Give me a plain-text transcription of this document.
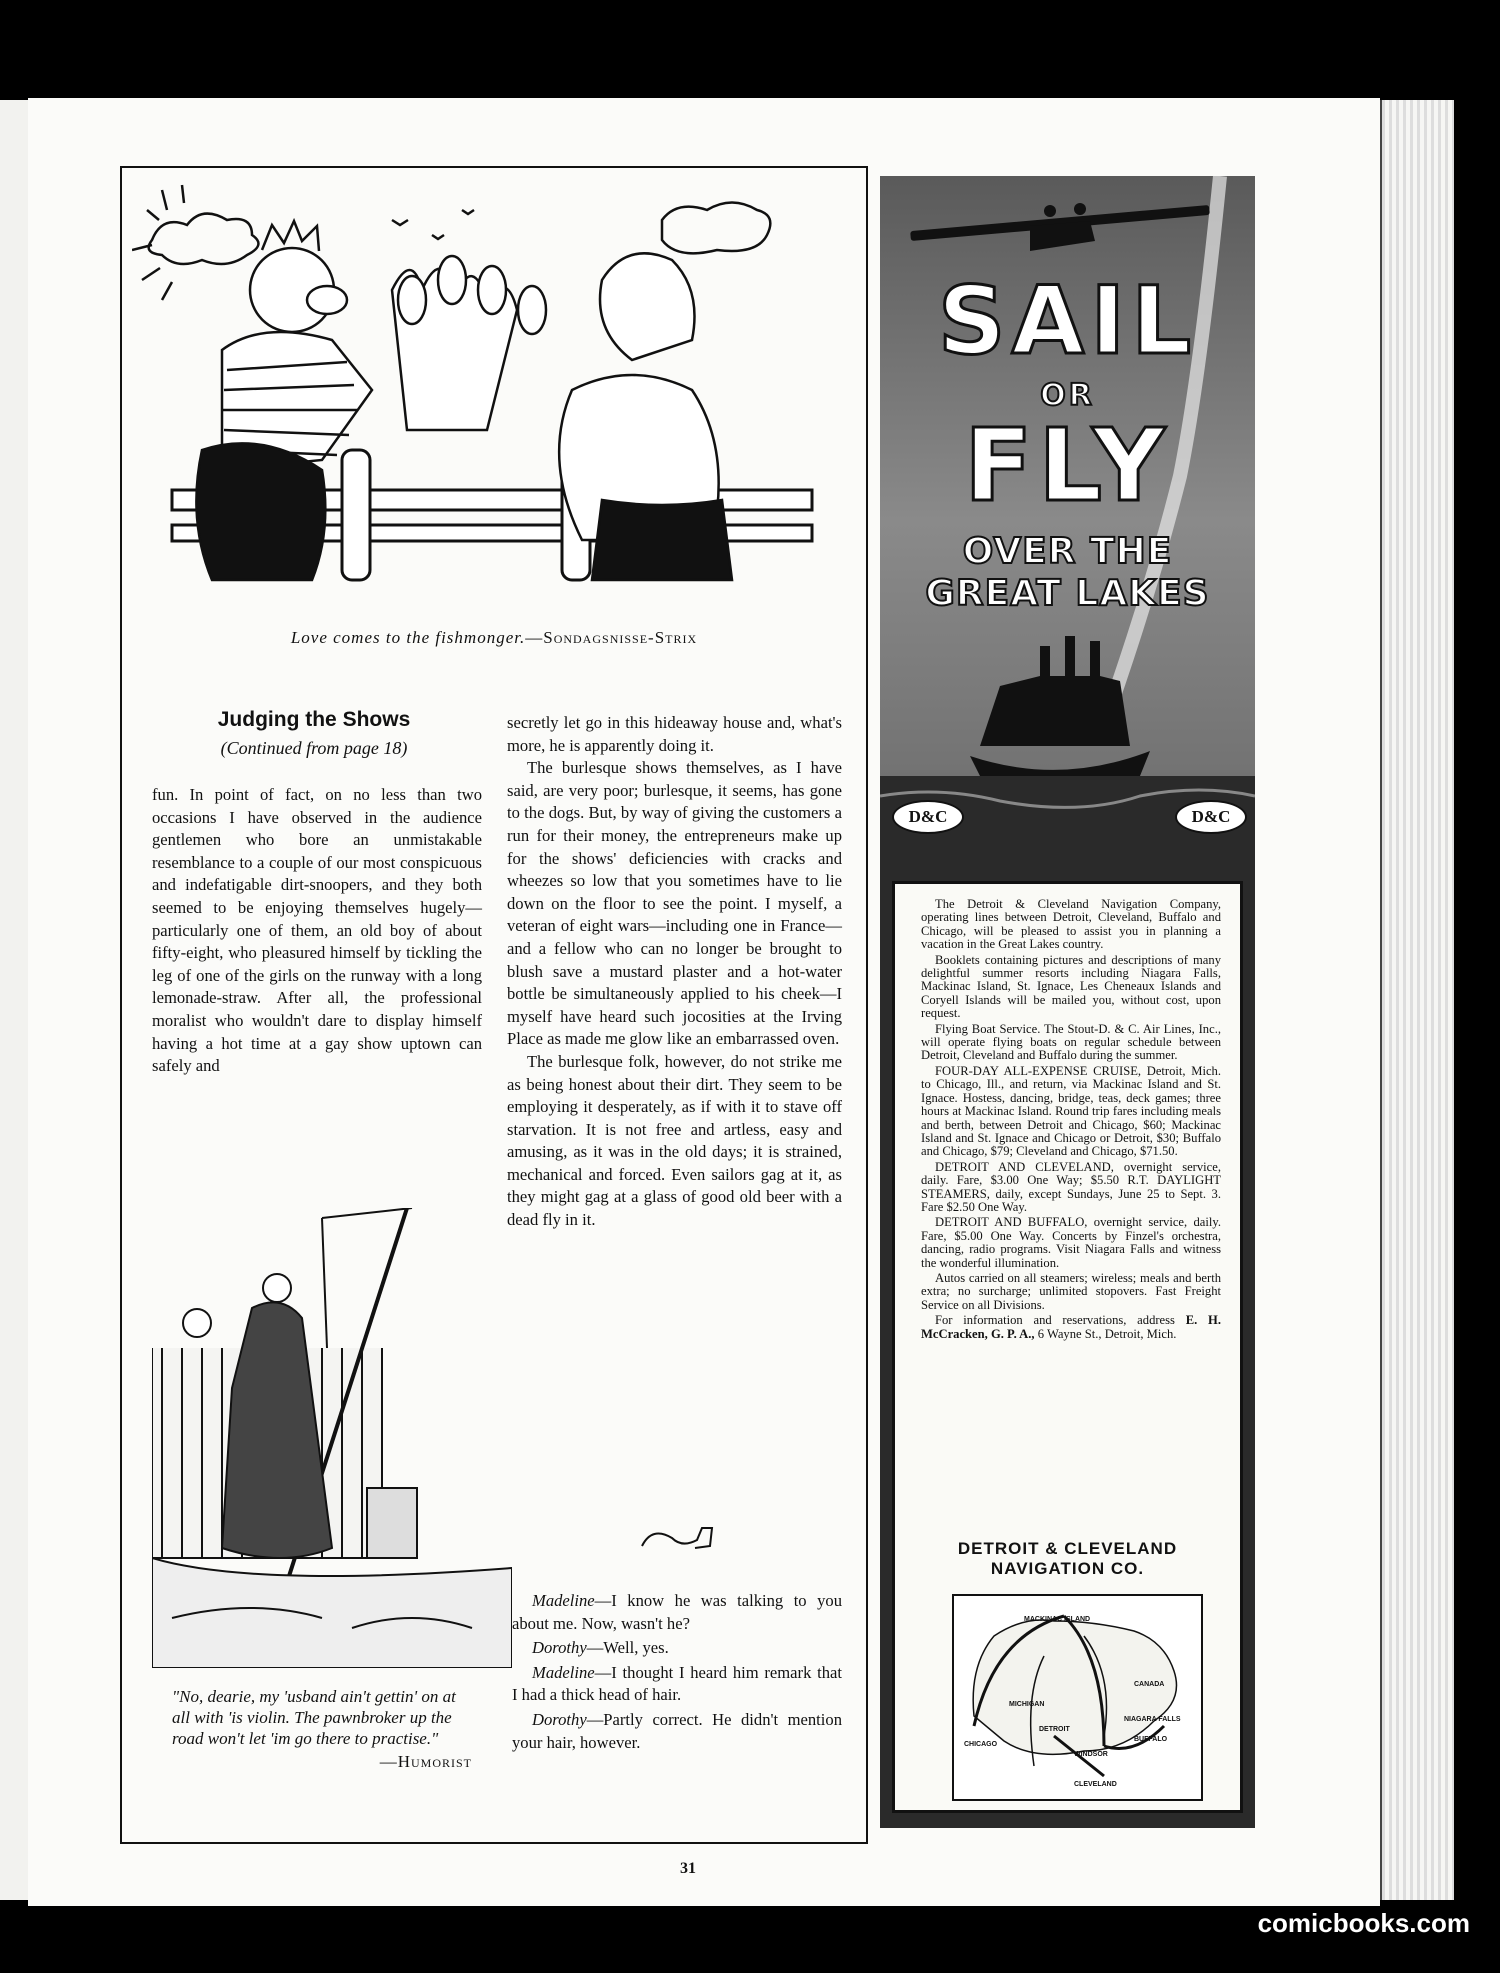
Love comes to the fishmonger.—Sondagsnisse-Strix
Judging the Shows
(Continued from page 18)

fun. In point of fact, on no less than two occasions I have observed in the audience gentlemen who bore an unmistakable resemblance to a couple of our most conspicuous and indefatigable dirt-snoopers, and they both seemed to be enjoying themselves hugely—particularly one of them, an old boy of about fifty-eight, who pleasured himself by tickling the leg of one of the girls on the runway with a long lemonade-straw. After all, the professional moralist who wouldn't dare to display himself having a hot time at a gay show uptown can safely and

secretly let go in this hideaway house and, what's more, he is apparently doing it.

The burlesque shows themselves, as I have said, are very poor; burlesque, it seems, has gone to the dogs. But, by way of giving the customers a run for their money, the entrepreneurs make up for the shows' deficiencies with cracks and wheezes so low that you sometimes have to lie down on the floor to see the point. I myself, a veteran of eight wars—including one in France—and a fellow who can no longer be brought to blush save a mustard plaster and a hot-water bottle be simultaneously applied to his cheek—I myself have heard such jocosities at the Irving Place as made me glow like an embarrassed oven.

The burlesque folk, however, do not strike me as being honest about their dirt. They seem to be employing it desperately, as if with it to stave off starvation. It is not free and artless, easy and amusing, as it was in the old days; it is strained, mechanical and forced. Even sailors gag at it, as they might gag at a glass of good old beer with a dead fly in it.

"No, dearie, my 'usband ain't gettin' on at all with 'is violin. The pawnbroker up the road won't let 'im go there to practise."
—Humorist

Madeline—I know he was talking to you about me. Now, wasn't he?

Dorothy—Well, yes.

Madeline—I thought I heard him remark that I had a thick head of hair.

Dorothy—Partly correct. He didn't mention your hair, however.

31
SAIL
OR
FLY
OVER THE
GREAT LAKES
D&C	D&C

The Detroit & Cleveland Navigation Company, operating lines between Detroit, Cleveland, Buffalo and Chicago, will be pleased to assist you in planning a vacation in the Great Lakes country.

Booklets containing pictures and descriptions of many delightful summer resorts including Niagara Falls, Mackinac Island, St. Ignace, Les Cheneaux Islands and Coryell Islands will be mailed you, without cost, upon request.

Flying Boat Service. The Stout-D. & C. Air Lines, Inc., will operate flying boats on regular schedule between Detroit, Cleveland and Buffalo during the summer.

FOUR-DAY ALL-EXPENSE CRUISE, Detroit, Mich. to Chicago, Ill., and return, via Mackinac Island and St. Ignace. Hostess, dancing, bridge, teas, deck games; three hours at Mackinac Island. Round trip fares including meals and berth, between Detroit and Chicago, $60; Mackinac Island and St. Ignace and Chicago or Detroit, $30; Buffalo and Chicago, $79; Cleveland and Chicago, $71.50.

DETROIT AND CLEVELAND, overnight service, daily. Fare, $3.00 One Way; $5.50 R.T. DAYLIGHT STEAMERS, daily, except Sundays, June 25 to Sept. 3. Fare $2.50 One Way.

DETROIT AND BUFFALO, overnight service, daily. Fare, $5.00 One Way. Concerts by Finzel's orchestra, dancing, radio programs. Visit Niagara Falls and witness the wonderful illumination.

Autos carried on all steamers; wireless; meals and berth extra; no surcharge; unlimited stopovers. Fast Freight Service on all Divisions.

For information and reservations, address E. H. McCracken, G. P. A., 6 Wayne St., Detroit, Mich.

DETROIT & CLEVELAND
NAVIGATION CO.
CHICAGO
DETROIT
CLEVELAND
BUFFALO
MACKINAC ISLAND
MICHIGAN
CANADA
WINDSOR
NIAGARA FALLS
comicbooks.com
